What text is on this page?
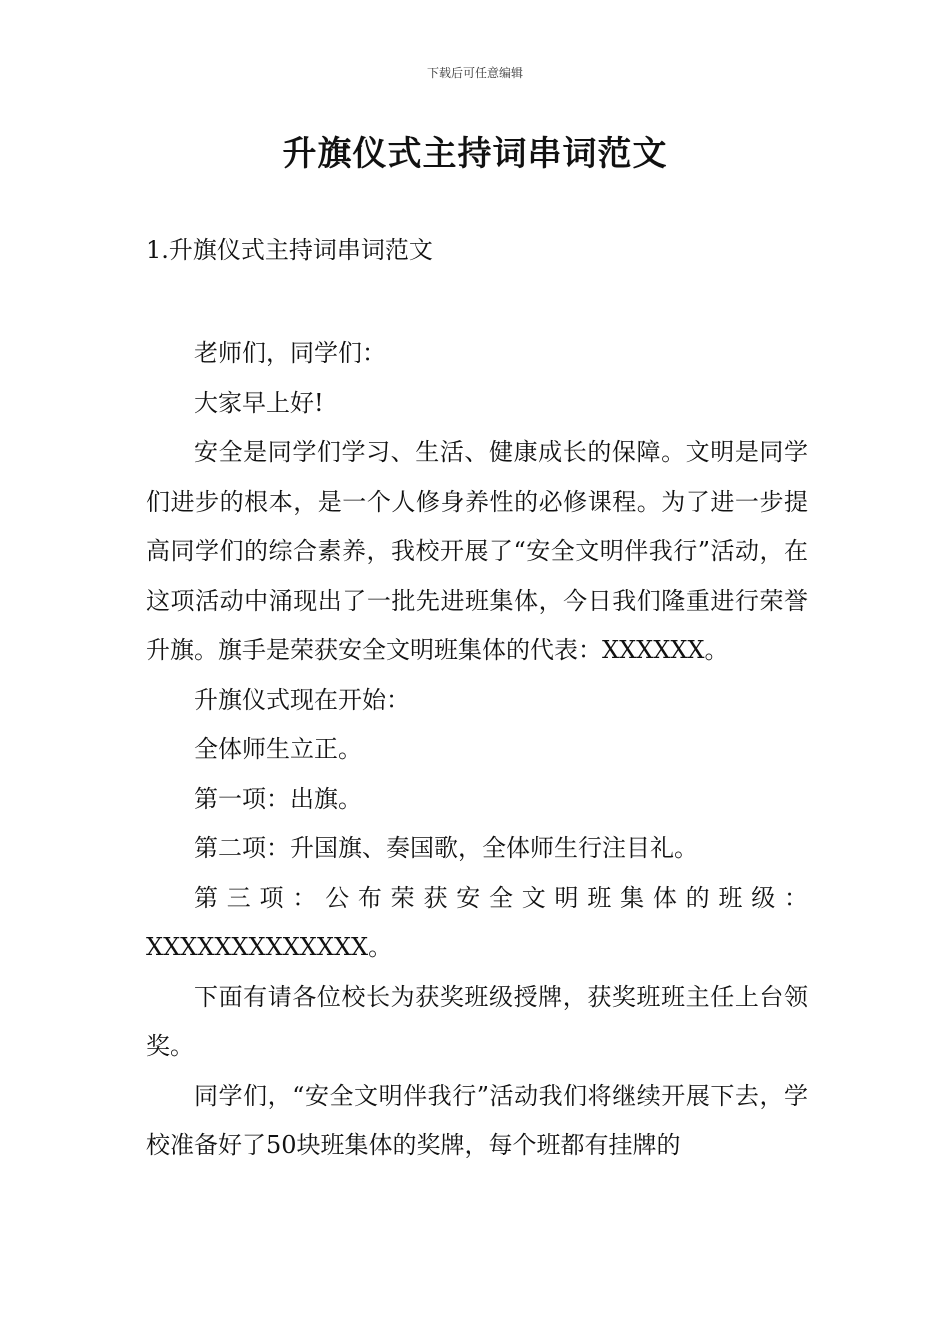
下载后可任意编辑
升旗仪式主持词串词范文
1.升旗仪式主持词串词范文

老师们，同学们：

大家早上好!

安全是同学们学习、生活、健康成长的保障。文明是同学们进步的根本，是一个人修身养性的必修课程。为了进一步提高同学们的综合素养，我校开展了“安全文明伴我行”活动，在这项活动中涌现出了一批先进班集体，今日我们隆重进行荣誉升旗。旗手是荣获安全文明班集体的代表：XXXXXX。

升旗仪式现在开始：

全体师生立正。

第一项：出旗。

第二项：升国旗、奏国歌，全体师生行注目礼。

第三项：公布荣获安全文明班集体的班级：
XXXXXXXXXXXXX。

下面有请各位校长为获奖班级授牌，获奖班班主任上台领奖。

同学们，“安全文明伴我行”活动我们将继续开展下去，学校准备好了50块班集体的奖牌，每个班都有挂牌的
